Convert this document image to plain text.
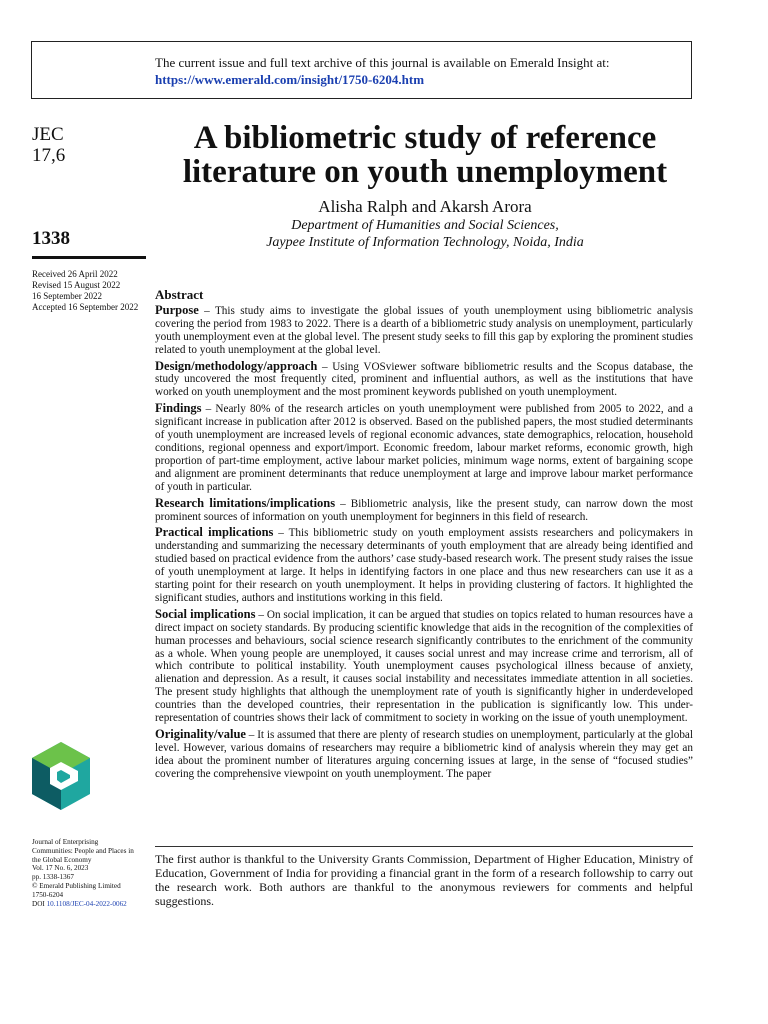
The current issue and full text archive of this journal is available on Emerald Insight at:
https://www.emerald.com/insight/1750-6204.htm
JEC
17,6
1338
Received 26 April 2022
Revised 15 August 2022
16 September 2022
Accepted 16 September 2022
Journal of Enterprising
Communities: People and Places in
the Global Economy
Vol. 17 No. 6, 2023
pp. 1338-1367
© Emerald Publishing Limited
1750-6204
DOI 10.1108/JEC-04-2022-0062
A bibliometric study of reference
literature on youth unemployment
Alisha Ralph and Akarsh Arora
Department of Humanities and Social Sciences,
Jaypee Institute of Information Technology, Noida, India
Abstract

Purpose – This study aims to investigate the global issues of youth unemployment using bibliometric analysis covering the period from 1983 to 2022. There is a dearth of a bibliometric study analysis on unemployment, particularly youth unemployment even at the global level. The present study seeks to fill this gap by exploring the prominent studies related to youth unemployment at the global level.

Design/methodology/approach – Using VOSviewer software bibliometric results and the Scopus database, the study uncovered the most frequently cited, prominent and influential authors, as well as the institutions that have worked on youth unemployment and the most prominent keywords published on youth unemployment.

Findings – Nearly 80% of the research articles on youth unemployment were published from 2005 to 2022, and a significant increase in publication after 2012 is observed. Based on the published papers, the most studied determinants of youth unemployment are increased levels of regional economic advances, state demographics, relocation, household conditions, regional openness and export/import. Economic freedom, labour market reforms, economic growth, high proportion of part-time employment, active labour market policies, minimum wage norms, extent of bargaining scope and alignment are prominent determinants that reduce unemployment at large and improve labour market performance of youth in particular.

Research limitations/implications – Bibliometric analysis, like the present study, can narrow down the most prominent sources of information on youth unemployment for beginners in this field of research.

Practical implications – This bibliometric study on youth employment assists researchers and policymakers in understanding and summarizing the necessary determinants of youth employment that are already being identified and studied based on practical evidence from the authors’ case study-based research work. The present study raises the issue of youth unemployment at large. It helps in identifying factors in one place and thus new researchers can use it as a starting point for their research on youth unemployment. It helps in providing clustering of factors. It highlighted the significant studies, authors and institutions working in this field.

Social implications – On social implication, it can be argued that studies on topics related to human resources have a direct impact on society standards. By producing scientific knowledge that aids in the recognition of the complexities of human processes and behaviours, social science research significantly contributes to the enrichment of the community as a whole. When young people are unemployed, it causes social unrest and may increase crime and terrorism, all of which contribute to political instability. Youth unemployment causes psychological illness because of anxiety, alienation and depression. As a result, it causes social instability and necessitates immediate attention in all societies. The present study highlights that although the unemployment rate of youth is significantly higher in underdeveloped countries than the developed countries, their representation in the publication is significantly low. This under-representation of countries shows their lack of commitment to society in working on the issue of youth unemployment.

Originality/value – It is assumed that there are plenty of research studies on unemployment, particularly at the global level. However, various domains of researchers may require a bibliometric kind of analysis wherein they may get an idea about the prominent number of literatures arguing concerning issues at large, in the sense of “focused studies” covering the comprehensive viewpoint on youth unemployment. The paper

The first author is thankful to the University Grants Commission, Department of Higher Education, Ministry of Education, Government of India for providing a financial grant in the form of a research followship to carry out the research work. Both authors are thankful to the anonymous reviewers for comments and helpful suggestions.
